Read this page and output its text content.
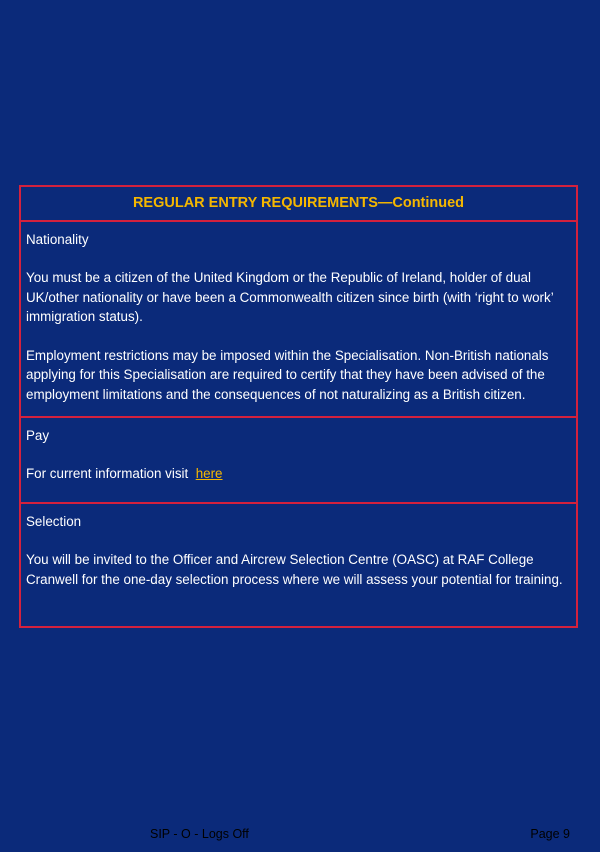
REGULAR ENTRY REQUIREMENTS—Continued
Nationality

You must be a citizen of the United Kingdom or the Republic of Ireland, holder of dual UK/other nationality or have been a Commonwealth citizen since birth (with ‘right to work’ immigration status).

Employment restrictions may be imposed within the Specialisation. Non-British nationals applying for this Specialisation are required to certify that they have been advised of the employment limitations and the consequences of not naturalizing as a British citizen.

Pay

For current information visit here

Selection

You will be invited to the Officer and Aircrew Selection Centre (OASC) at RAF College Cranwell for the one-day selection process where we will assess your potential for training.

SIP - O - Logs Off	Page 9
